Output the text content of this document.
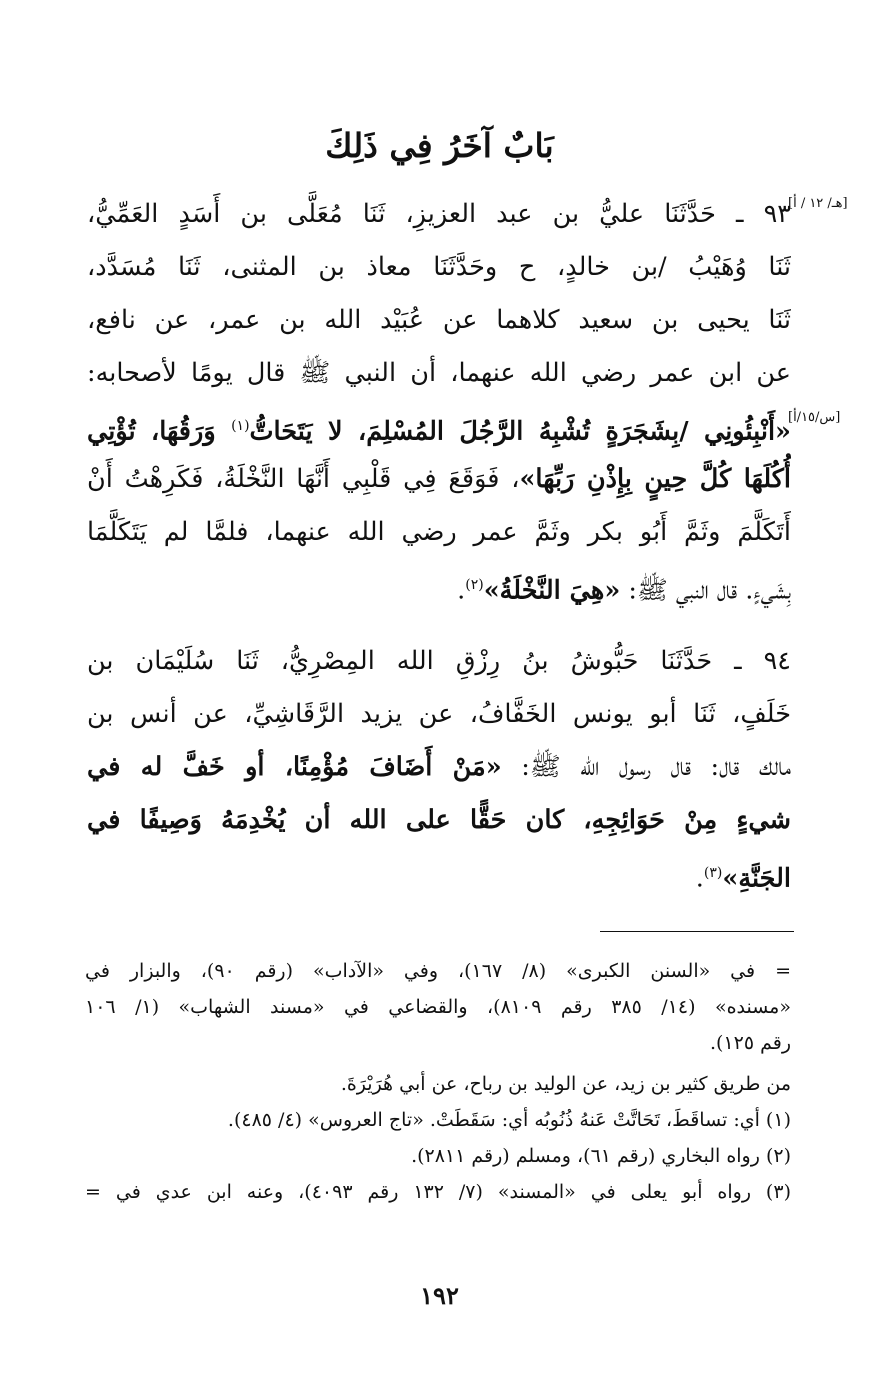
بَابٌ آخَرُ فِي ذَلِكَ
[هـ/ ١٢ / أ]
[س/١٥/أ]
٩٣ ـ حَدَّثَنَا عليُّ بن عبد العزيزِ، ثَنَا مُعَلَّى بن أَسَدٍ العَمِّيُّ،
ثَنَا وُهَيْبُ /بن خالدٍ، ح وحَدَّثَنَا معاذ بن المثنى، ثَنَا مُسَدَّد،
ثَنَا يحيى بن سعيد كلاهما عن عُبَيْد الله بن عمر، عن نافع،
عن ابن عمر رضي الله عنهما، أن النبي ﷺ قال يومًا لأصحابه:
«أَنْبِئُونِي /بِشَجَرَةٍ تُشْبِهُ الرَّجُلَ المُسْلِمَ، لا يَتَحَاتُّ$^{(١)}$ وَرَقُهَا، تُؤْتِي
أُكُلَهَا كُلَّ حِينٍ بِإِذْنِ رَبِّهَا»، فَوَقَعَ فِي قَلْبِي أَنَّهَا النَّخْلَةُ، فَكَرِهْتُ أَنْ
أَتَكَلَّمَ وثَمَّ أَبُو بكر وثَمَّ عمر رضي الله عنهما، فلمَّا لم يَتَكَلَّمَا
بِشَيءٍ. قال النبي ﷺ: «هِيَ النَّخْلَةُ»$^{(٢)}$.
٩٤ ـ حَدَّثَنَا حَبُّوشُ بنُ رِزْقِ الله المِصْرِيُّ، ثَنَا سُلَيْمَان بن
خَلَفٍ، ثَنَا أبو يونس الخَفَّافُ، عن يزيد الرَّقَاشِيِّ، عن أنس بن
مالك قال: قال رسول الله ﷺ: «مَنْ أَضَافَ مُؤْمِنًا، أو خَفَّ له في
شيءٍ مِنْ حَوَائِجِهِ، كان حَقًّا على الله أن يُخْدِمَهُ وَصِيفًا في
الجَنَّةِ»$^{(٣)}$.
= في «السنن الكبرى» (٨/ ١٦٧)، وفي «الآداب» (رقم ٩٠)، والبزار في
«مسنده» (١٤/ ٣٨٥ رقم ٨١٠٩)، والقضاعي في «مسند الشهاب» (١/ ١٠٦
رقم ١٢٥).
من طريق كثير بن زيد، عن الوليد بن رباح، عن أبي هُرَيْرَةَ.
(١) أي: تساقَطَ، تَحَاتَّتْ عَنهُ ذُنُوبُه أي: سَقَطَتْ. «تاج العروس» (٤/ ٤٨٥).
(٢) رواه البخاري (رقم ٦١)، ومسلم (رقم ٢٨١١).
(٣) رواه أبو يعلى في «المسند» (٧/ ١٣٢ رقم ٤٠٩٣)، وعنه ابن عدي في =
١٩٢
